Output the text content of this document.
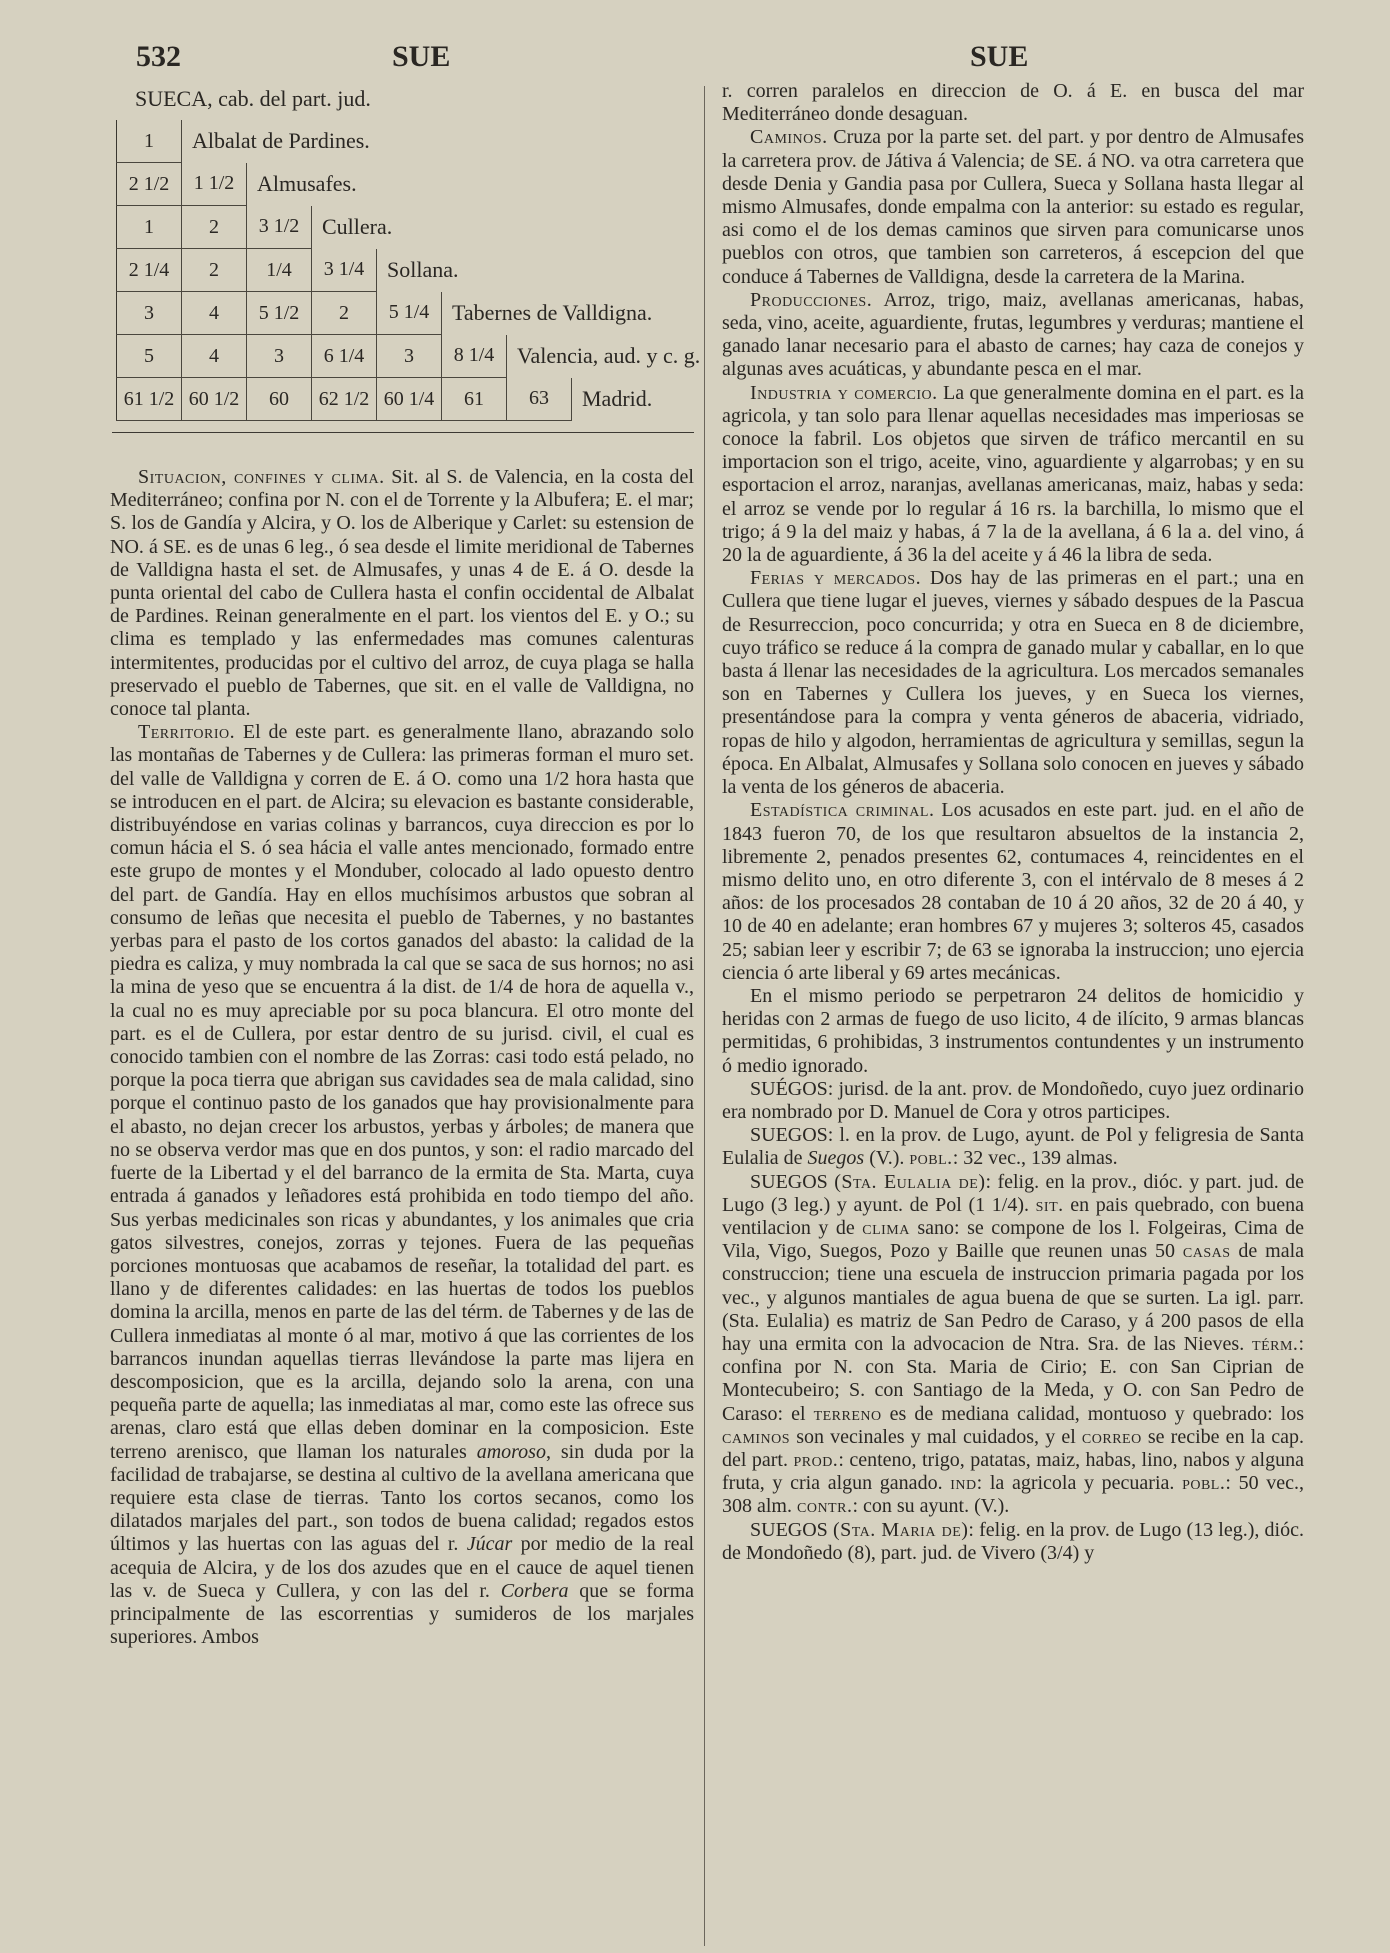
532	SUE	SUE
SUECA, cab. del part. jud.
1	Albalat de Pardines.						
2 1/2	1 1/2	Almusafes.					
1	2	3 1/2	Cullera.				
2 1/4	2	1/4	3 1/4	Sollana.			
3	4	5 1/2	2	5 1/4	Tabernes de Valldigna.		
5	4	3	6 1/4	3	8 1/4	Valencia, aud. y c. g.	
61 1/2	60 1/2	60	62 1/2	60 1/4	61	63	Madrid.

Situacion, confines y clima. Sit. al S. de Valencia, en la costa del Mediterráneo; confina por N. con el de Torrente y la Albufera; E. el mar; S. los de Gandía y Alcira, y O. los de Alberique y Carlet: su estension de NO. á SE. es de unas 6 leg., ó sea desde el limite meridional de Tabernes de Valldigna hasta el set. de Almusafes, y unas 4 de E. á O. desde la punta oriental del cabo de Cullera hasta el confin occidental de Albalat de Pardines. Reinan generalmente en el part. los vientos del E. y O.; su clima es templado y las enfermedades mas comunes calenturas intermitentes, producidas por el cultivo del arroz, de cuya plaga se halla preservado el pueblo de Tabernes, que sit. en el valle de Valldigna, no conoce tal planta.

Territorio. El de este part. es generalmente llano, abrazando solo las montañas de Tabernes y de Cullera: las primeras forman el muro set. del valle de Valldigna y corren de E. á O. como una 1/2 hora hasta que se introducen en el part. de Alcira; su elevacion es bastante considerable, distribuyéndose en varias colinas y barrancos, cuya direccion es por lo comun hácia el S. ó sea hácia el valle antes mencionado, formado entre este grupo de montes y el Monduber, colocado al lado opuesto dentro del part. de Gandía. Hay en ellos muchísimos arbustos que sobran al consumo de leñas que necesita el pueblo de Tabernes, y no bastantes yerbas para el pasto de los cortos ganados del abasto: la calidad de la piedra es caliza, y muy nombrada la cal que se saca de sus hornos; no asi la mina de yeso que se encuentra á la dist. de 1/4 de hora de aquella v., la cual no es muy apreciable por su poca blancura. El otro monte del part. es el de Cullera, por estar dentro de su jurisd. civil, el cual es conocido tambien con el nombre de las Zorras: casi todo está pelado, no porque la poca tierra que abrigan sus cavidades sea de mala calidad, sino porque el continuo pasto de los ganados que hay provisionalmente para el abasto, no dejan crecer los arbustos, yerbas y árboles; de manera que no se observa verdor mas que en dos puntos, y son: el radio marcado del fuerte de la Libertad y el del barranco de la ermita de Sta. Marta, cuya entrada á ganados y leñadores está prohibida en todo tiempo del año. Sus yerbas medicinales son ricas y abundantes, y los animales que cria gatos silvestres, conejos, zorras y tejones. Fuera de las pequeñas porciones montuosas que acabamos de reseñar, la totalidad del part. es llano y de diferentes calidades: en las huertas de todos los pueblos domina la arcilla, menos en parte de las del térm. de Tabernes y de las de Cullera inmediatas al monte ó al mar, motivo á que las corrientes de los barrancos inundan aquellas tierras llevándose la parte mas lijera en descomposicion, que es la arcilla, dejando solo la arena, con una pequeña parte de aquella; las inmediatas al mar, como este las ofrece sus arenas, claro está que ellas deben dominar en la composicion. Este terreno arenisco, que llaman los naturales amoroso, sin duda por la facilidad de trabajarse, se destina al cultivo de la avellana americana que requiere esta clase de tierras. Tanto los cortos secanos, como los dilatados marjales del part., son todos de buena calidad; regados estos últimos y las huertas con las aguas del r. Júcar por medio de la real acequia de Alcira, y de los dos azudes que en el cauce de aquel tienen las v. de Sueca y Cullera, y con las del r. Corbera que se forma principalmente de las escorrentias y sumideros de los marjales superiores. Ambos

r. corren paralelos en direccion de O. á E. en busca del mar Mediterráneo donde desaguan.

Caminos. Cruza por la parte set. del part. y por dentro de Almusafes la carretera prov. de Játiva á Valencia; de SE. á NO. va otra carretera que desde Denia y Gandia pasa por Cullera, Sueca y Sollana hasta llegar al mismo Almusafes, donde empalma con la anterior: su estado es regular, asi como el de los demas caminos que sirven para comunicarse unos pueblos con otros, que tambien son carreteros, á escepcion del que conduce á Tabernes de Valldigna, desde la carretera de la Marina.

Producciones. Arroz, trigo, maiz, avellanas americanas, habas, seda, vino, aceite, aguardiente, frutas, legumbres y verduras; mantiene el ganado lanar necesario para el abasto de carnes; hay caza de conejos y algunas aves acuáticas, y abundante pesca en el mar.

Industria y comercio. La que generalmente domina en el part. es la agricola, y tan solo para llenar aquellas necesidades mas imperiosas se conoce la fabril. Los objetos que sirven de tráfico mercantil en su importacion son el trigo, aceite, vino, aguardiente y algarrobas; y en su esportacion el arroz, naranjas, avellanas americanas, maiz, habas y seda: el arroz se vende por lo regular á 16 rs. la barchilla, lo mismo que el trigo; á 9 la del maiz y habas, á 7 la de la avellana, á 6 la a. del vino, á 20 la de aguardiente, á 36 la del aceite y á 46 la libra de seda.

Ferias y mercados. Dos hay de las primeras en el part.; una en Cullera que tiene lugar el jueves, viernes y sábado despues de la Pascua de Resurreccion, poco concurrida; y otra en Sueca en 8 de diciembre, cuyo tráfico se reduce á la compra de ganado mular y caballar, en lo que basta á llenar las necesidades de la agricultura. Los mercados semanales son en Tabernes y Cullera los jueves, y en Sueca los viernes, presentándose para la compra y venta géneros de abaceria, vidriado, ropas de hilo y algodon, herramientas de agricultura y semillas, segun la época. En Albalat, Almusafes y Sollana solo conocen en jueves y sábado la venta de los géneros de abaceria.

Estadística criminal. Los acusados en este part. jud. en el año de 1843 fueron 70, de los que resultaron absueltos de la instancia 2, libremente 2, penados presentes 62, contumaces 4, reincidentes en el mismo delito uno, en otro diferente 3, con el intérvalo de 8 meses á 2 años: de los procesados 28 contaban de 10 á 20 años, 32 de 20 á 40, y 10 de 40 en adelante; eran hombres 67 y mujeres 3; solteros 45, casados 25; sabian leer y escribir 7; de 63 se ignoraba la instruccion; uno ejercia ciencia ó arte liberal y 69 artes mecánicas.

En el mismo periodo se perpetraron 24 delitos de homicidio y heridas con 2 armas de fuego de uso licito, 4 de ilícito, 9 armas blancas permitidas, 6 prohibidas, 3 instrumentos contundentes y un instrumento ó medio ignorado.

SUÉGOS: jurisd. de la ant. prov. de Mondoñedo, cuyo juez ordinario era nombrado por D. Manuel de Cora y otros participes.

SUEGOS: l. en la prov. de Lugo, ayunt. de Pol y feligresia de Santa Eulalia de Suegos (V.). pobl.: 32 vec., 139 almas.

SUEGOS (Sta. Eulalia de): felig. en la prov., dióc. y part. jud. de Lugo (3 leg.) y ayunt. de Pol (1 1/4). sit. en pais quebrado, con buena ventilacion y de clima sano: se compone de los l. Folgeiras, Cima de Vila, Vigo, Suegos, Pozo y Baille que reunen unas 50 casas de mala construccion; tiene una escuela de instruccion primaria pagada por los vec., y algunos mantiales de agua buena de que se surten. La igl. parr. (Sta. Eulalia) es matriz de San Pedro de Caraso, y á 200 pasos de ella hay una ermita con la advocacion de Ntra. Sra. de las Nieves. térm.: confina por N. con Sta. Maria de Cirio; E. con San Ciprian de Montecubeiro; S. con Santiago de la Meda, y O. con San Pedro de Caraso: el terreno es de mediana calidad, montuoso y quebrado: los caminos son vecinales y mal cuidados, y el correo se recibe en la cap. del part. prod.: centeno, trigo, patatas, maiz, habas, lino, nabos y alguna fruta, y cria algun ganado. ind: la agricola y pecuaria. pobl.: 50 vec., 308 alm. contr.: con su ayunt. (V.).

SUEGOS (Sta. Maria de): felig. en la prov. de Lugo (13 leg.), dióc. de Mondoñedo (8), part. jud. de Vivero (3/4) y
